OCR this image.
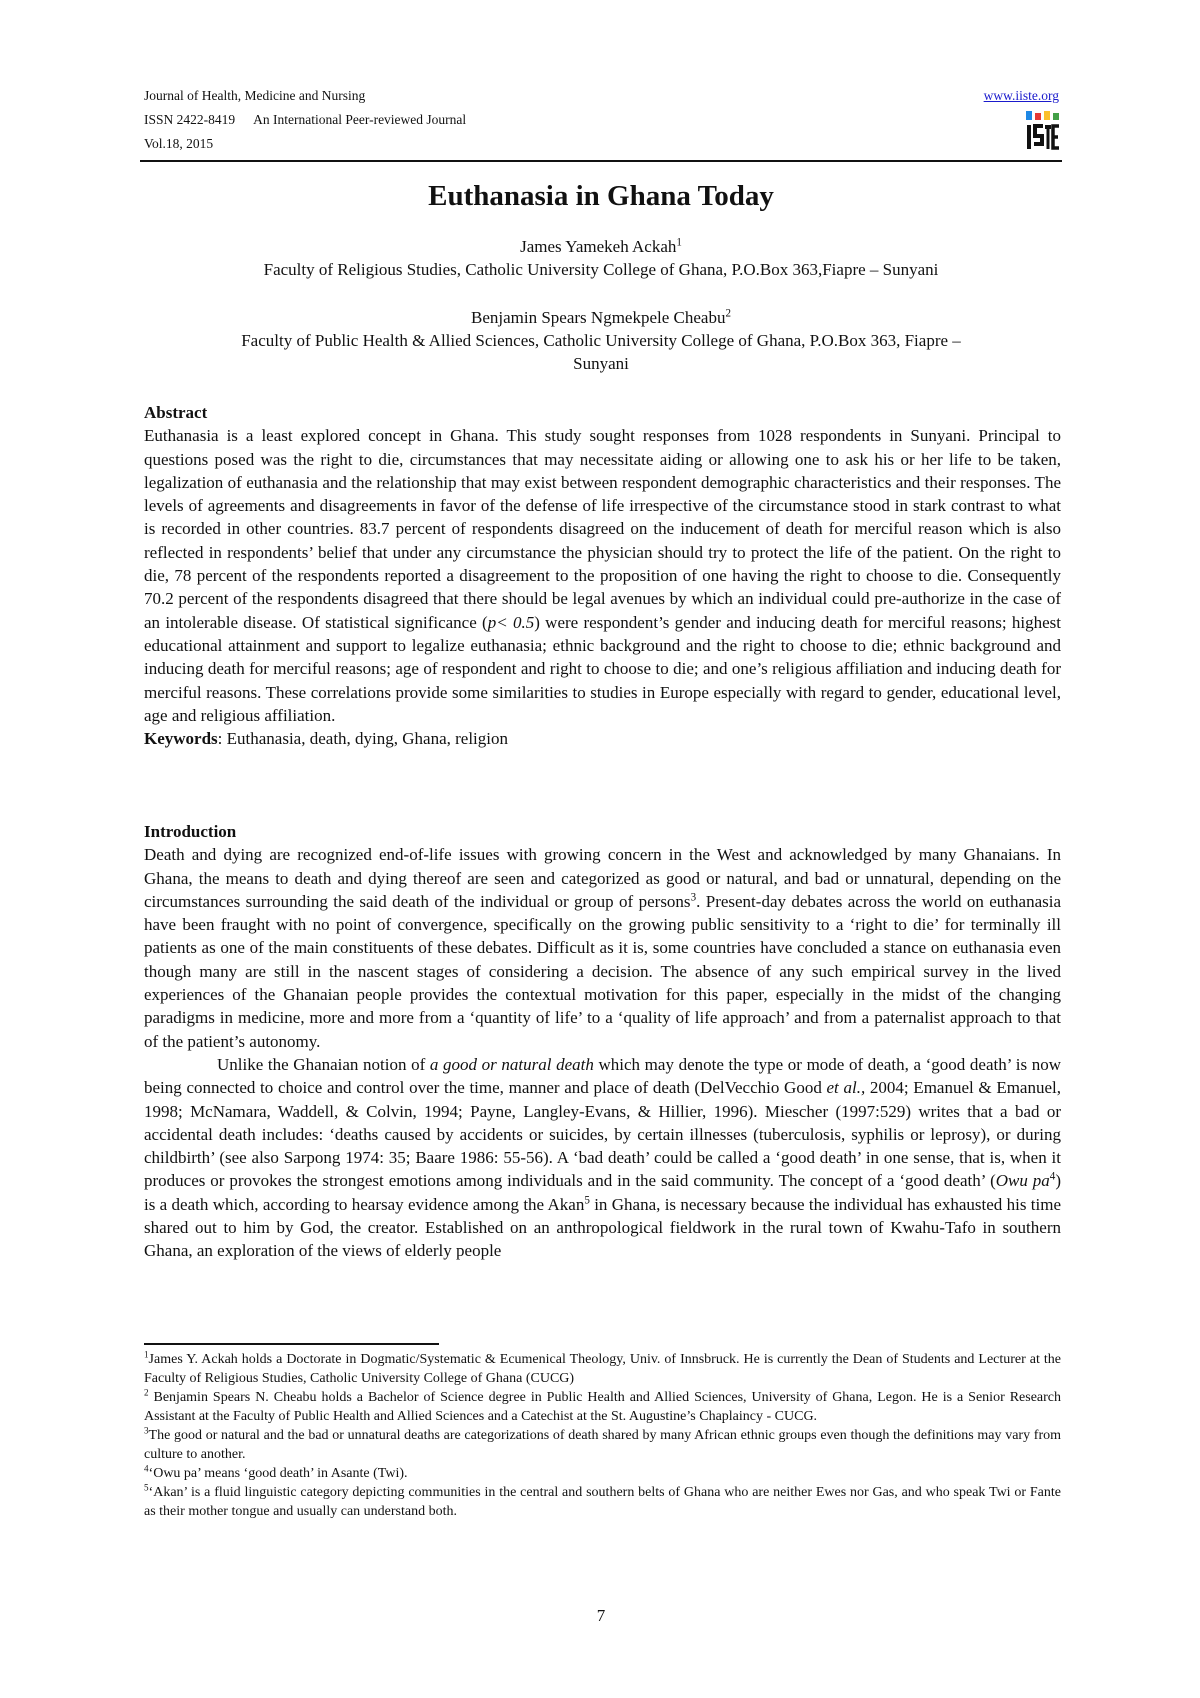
Journal of Health, Medicine and Nursing
ISSN 2422-8419 An International Peer-reviewed Journal
Vol.18, 2015
www.iiste.org
Euthanasia in Ghana Today
James Yamekeh Ackah$^1$
Faculty of Religious Studies, Catholic University College of Ghana, P.O.Box 363,Fiapre – Sunyani
Benjamin Spears Ngmekpele Cheabu$^2$
Faculty of Public Health & Allied Sciences, Catholic University College of Ghana, P.O.Box 363, Fiapre –
Sunyani

Abstract

Euthanasia is a least explored concept in Ghana. This study sought responses from 1028 respondents in Sunyani. Principal to questions posed was the right to die, circumstances that may necessitate aiding or allowing one to ask his or her life to be taken, legalization of euthanasia and the relationship that may exist between respondent demographic characteristics and their responses. The levels of agreements and disagreements in favor of the defense of life irrespective of the circumstance stood in stark contrast to what is recorded in other countries. 83.7 percent of respondents disagreed on the inducement of death for merciful reason which is also reflected in respondents’ belief that under any circumstance the physician should try to protect the life of the patient. On the right to die, 78 percent of the respondents reported a disagreement to the proposition of one having the right to choose to die. Consequently 70.2 percent of the respondents disagreed that there should be legal avenues by which an individual could pre-authorize in the case of an intolerable disease. Of statistical significance (p< 0.5) were respondent’s gender and inducing death for merciful reasons; highest educational attainment and support to legalize euthanasia; ethnic background and the right to choose to die; ethnic background and inducing death for merciful reasons; age of respondent and right to choose to die; and one’s religious affiliation and inducing death for merciful reasons. These correlations provide some similarities to studies in Europe especially with regard to gender, educational level, age and religious affiliation.

Keywords: Euthanasia, death, dying, Ghana, religion

Introduction

Death and dying are recognized end-of-life issues with growing concern in the West and acknowledged by many Ghanaians. In Ghana, the means to death and dying thereof are seen and categorized as good or natural, and bad or unnatural, depending on the circumstances surrounding the said death of the individual or group of persons$^3$. Present-day debates across the world on euthanasia have been fraught with no point of convergence, specifically on the growing public sensitivity to a ‘right to die’ for terminally ill patients as one of the main constituents of these debates. Difficult as it is, some countries have concluded a stance on euthanasia even though many are still in the nascent stages of considering a decision. The absence of any such empirical survey in the lived experiences of the Ghanaian people provides the contextual motivation for this paper, especially in the midst of the changing paradigms in medicine, more and more from a ‘quantity of life’ to a ‘quality of life approach’ and from a paternalist approach to that of the patient’s autonomy.

Unlike the Ghanaian notion of a good or natural death which may denote the type or mode of death, a ‘good death’ is now being connected to choice and control over the time, manner and place of death (DelVecchio Good et al., 2004; Emanuel & Emanuel, 1998; McNamara, Waddell, & Colvin, 1994; Payne, Langley-Evans, & Hillier, 1996). Miescher (1997:529) writes that a bad or accidental death includes: ‘deaths caused by accidents or suicides, by certain illnesses (tuberculosis, syphilis or leprosy), or during childbirth’ (see also Sarpong 1974: 35; Baare 1986: 55-56). A ‘bad death’ could be called a ‘good death’ in one sense, that is, when it produces or provokes the strongest emotions among individuals and in the said community. The concept of a ‘good death’ (Owu $pa^4$) is a death which, according to hearsay evidence among the Akan$^5$ in Ghana, is necessary because the individual has exhausted his time shared out to him by God, the creator. Established on an anthropological fieldwork in the rural town of Kwahu-Tafo in southern Ghana, an exploration of the views of elderly people

$^1$James Y. Ackah holds a Doctorate in Dogmatic/Systematic & Ecumenical Theology, Univ. of Innsbruck. He is currently the Dean of Students and Lecturer at the Faculty of Religious Studies, Catholic University College of Ghana (CUCG)

$^2$ Benjamin Spears N. Cheabu holds a Bachelor of Science degree in Public Health and Allied Sciences, University of Ghana, Legon. He is a Senior Research Assistant at the Faculty of Public Health and Allied Sciences and a Catechist at the St. Augustine’s Chaplaincy - CUCG.

$^3$The good or natural and the bad or unnatural deaths are categorizations of death shared by many African ethnic groups even though the definitions may vary from culture to another.

$^4$‘Owu pa’ means ‘good death’ in Asante (Twi).

$^5$‘Akan’ is a fluid linguistic category depicting communities in the central and southern belts of Ghana who are neither Ewes nor Gas, and who speak Twi or Fante as their mother tongue and usually can understand both.

7
